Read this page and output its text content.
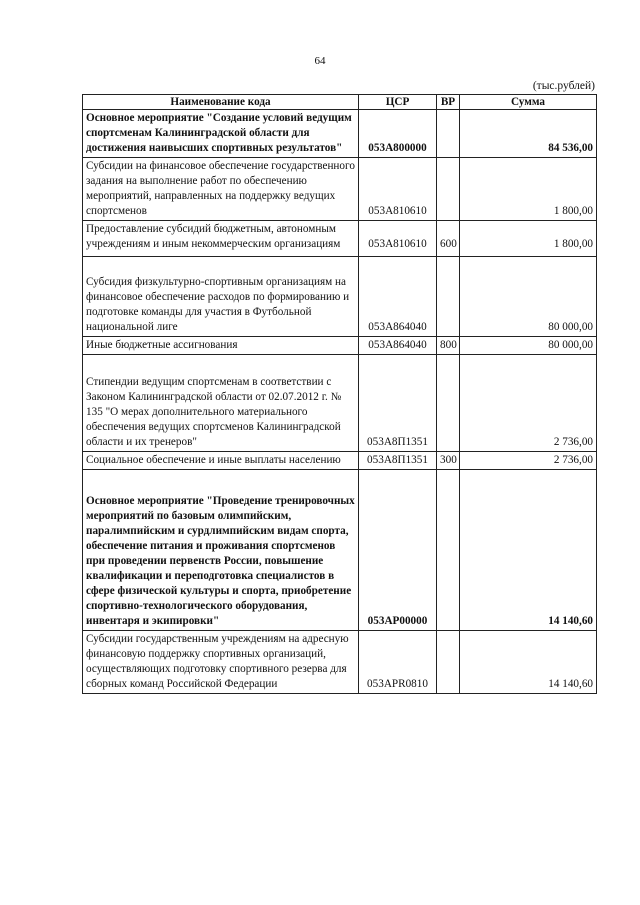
64
(тыс.рублей)
Наименование кода	ЦСР	ВР	Сумма
Основное мероприятие "Создание условий ведущим спортсменам Калининградской области для достижения наивысших спортивных результатов"	053A800000		84 536,00
Субсидии на финансовое обеспечение государственного задания на выполнение работ по обеспечению мероприятий, направленных на поддержку ведущих спортсменов	053A810610		1 800,00
Предоставление субсидий бюджетным, автономным учреждениям и иным некоммерческим организациям	053A810610	600	1 800,00
Субсидия физкультурно-спортивным организациям на финансовое обеспечение расходов по формированию и подготовке команды для участия в Футбольной национальной лиге	053A864040		80 000,00
Иные бюджетные ассигнования	053A864040	800	80 000,00
Стипендии ведущим спортсменам в соответствии с Законом Калининградской области от 02.07.2012 г. № 135 "О мерах дополнительного материального обеспечения ведущих спортсменов Калининградской области и их тренеров"	053A8П1351		2 736,00
Социальное обеспечение и иные выплаты населению	053A8П1351	300	2 736,00
Основное мероприятие "Проведение тренировочных мероприятий по базовым олимпийским, паралимпийским и сурдлимпийским видам спорта, обеспечение питания и проживания спортсменов при проведении первенств России, повышение квалификации и переподготовка специалистов в сфере физической культуры и спорта, приобретение спортивно-технологического оборудования, инвентаря и экипировки"	053AP00000		14 140,60
Субсидии государственным учреждениям на адресную финансовую поддержку спортивных организаций, осуществляющих подготовку спортивного резерва для сборных команд Российской Федерации	053APR0810		14 140,60
